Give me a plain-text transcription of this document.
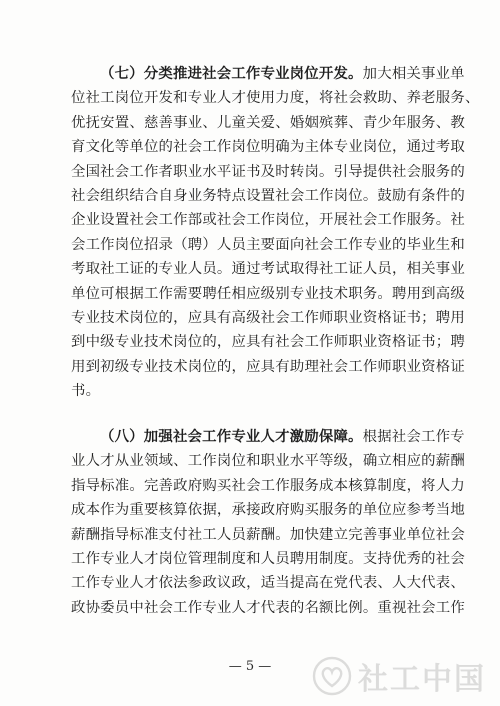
（七）分类推进社会工作专业岗位开发。加大相关事业单
位社工岗位开发和专业人才使用力度，将社会救助、养老服务、
优抚安置、慈善事业、儿童关爱、婚姻殡葬、青少年服务、教
育文化等单位的社会工作岗位明确为主体专业岗位，通过考取
全国社会工作者职业水平证书及时转岗。引导提供社会服务的
社会组织结合自身业务特点设置社会工作岗位。鼓励有条件的
企业设置社会工作部或社会工作岗位，开展社会工作服务。社
会工作岗位招录（聘）人员主要面向社会工作专业的毕业生和
考取社工证的专业人员。通过考试取得社工证人员，相关事业
单位可根据工作需要聘任相应级别专业技术职务。聘用到高级
专业技术岗位的，应具有高级社会工作师职业资格证书；聘用
到中级专业技术岗位的，应具有社会工作师职业资格证书；聘
用到初级专业技术岗位的，应具有助理社会工作师职业资格证
书。
（八）加强社会工作专业人才激励保障。根据社会工作专
业人才从业领域、工作岗位和职业水平等级，确立相应的薪酬
指导标准。完善政府购买社会工作服务成本核算制度，将人力
成本作为重要核算依据，承接政府购买服务的单位应参考当地
薪酬指导标准支付社工人员薪酬。加快建立完善事业单位社会
工作专业人才岗位管理制度和人员聘用制度。支持优秀的社会
工作专业人才依法参政议政，适当提高在党代表、人大代表、
政协委员中社会工作专业人才代表的名额比例。重视社会工作
— 5 —	社工中国
